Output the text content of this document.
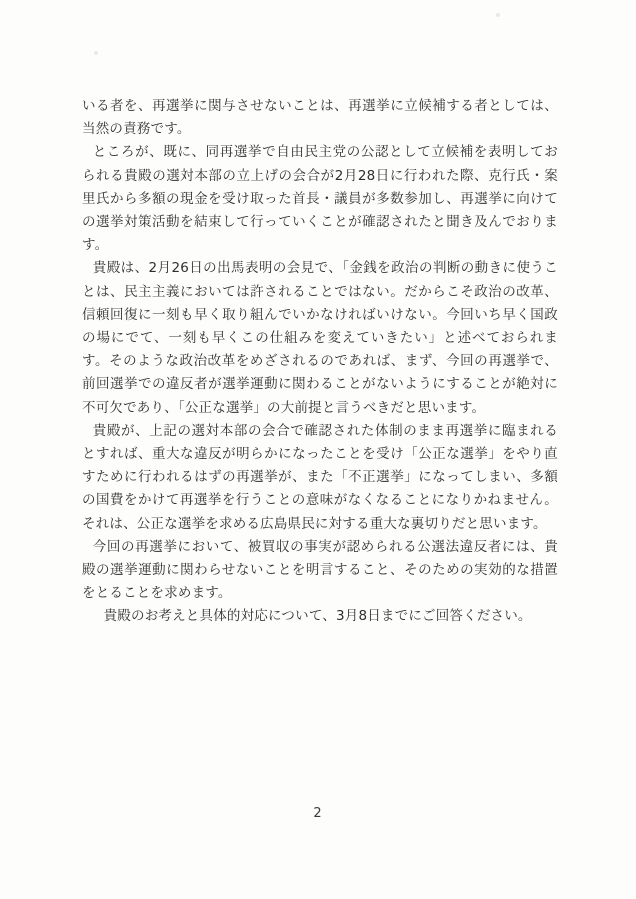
いる者を、再選挙に関与させないことは、再選挙に立候補する者としては、当然の責務です。

ところが、既に、同再選挙で自由民主党の公認として立候補を表明しておられる貴殿の選対本部の立上げの会合が2月28日に行われた際、克行氏・案里氏から多額の現金を受け取った首長・議員が多数参加し、再選挙に向けての選挙対策活動を結束して行っていくことが確認されたと聞き及んでおります。

貴殿は、2月26日の出馬表明の会見で、「金銭を政治の判断の動きに使うことは、民主主義においては許されることではない。だからこそ政治の改革、信頼回復に一刻も早く取り組んでいかなければいけない。今回いち早く国政の場にでて、一刻も早くこの仕組みを変えていきたい」と述べておられます。そのような政治改革をめざされるのであれば、まず、今回の再選挙で、前回選挙での違反者が選挙運動に関わることがないようにすることが絶対に不可欠であり、「公正な選挙」の大前提と言うべきだと思います。

貴殿が、上記の選対本部の会合で確認された体制のまま再選挙に臨まれるとすれば、重大な違反が明らかになったことを受け「公正な選挙」をやり直すために行われるはずの再選挙が、また「不正選挙」になってしまい、多額の国費をかけて再選挙を行うことの意味がなくなることになりかねません。それは、公正な選挙を求める広島県民に対する重大な裏切りだと思います。

今回の再選挙において、被買収の事実が認められる公選法違反者には、貴殿の選挙運動に関わらせないことを明言すること、そのための実効的な措置をとることを求めます。

貴殿のお考えと具体的対応について、3月8日までにご回答ください。

2
